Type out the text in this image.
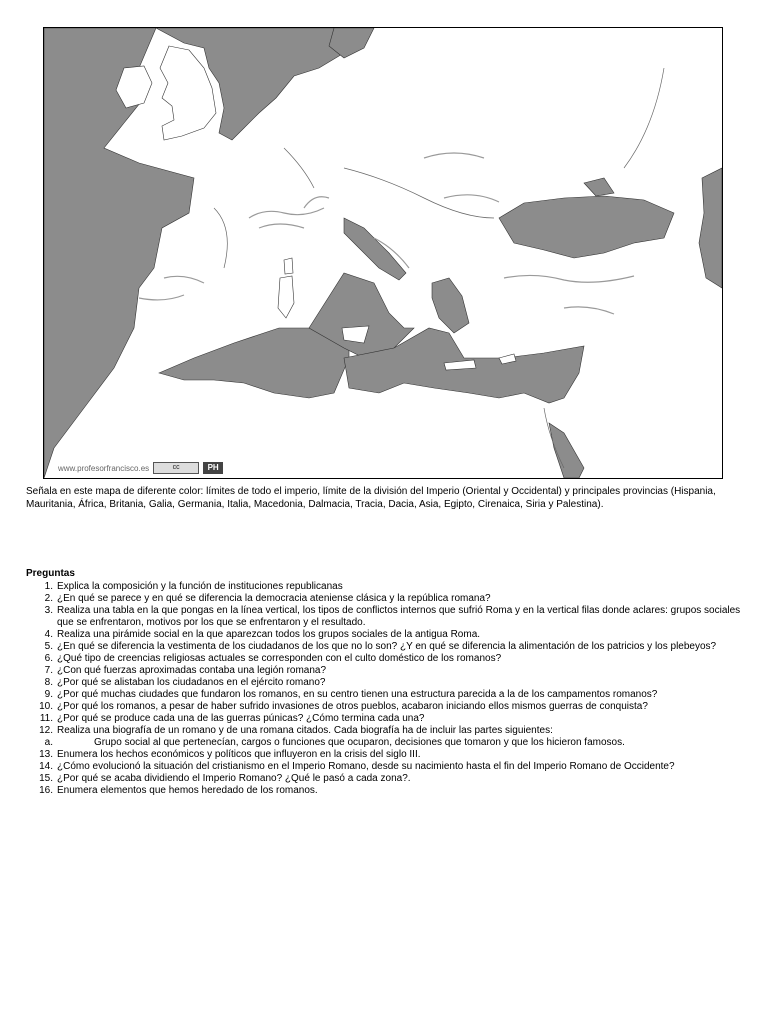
www.profesorfrancisco.es	cc	PH
Señala en este mapa de diferente color: límites de todo el imperio, límite de la división del Imperio (Oriental y Occidental) y principales provincias (Hispania, Mauritania, África, Britania, Galia, Germania, Italia, Macedonia, Dalmacia, Tracia, Dacia, Asia, Egipto, Cirenaica, Siria y Palestina).
Preguntas
1. Explica la composición y la función de instituciones republicanas
2. ¿En qué se parece y en qué se diferencia la democracia ateniense clásica y la república romana?
3. Realiza una tabla en la que pongas en la línea vertical, los tipos de conflictos internos que sufrió Roma y en la vertical filas donde aclares: grupos sociales que se enfrentaron, motivos por los que se enfrentaron y el resultado.
4. Realiza una pirámide social en la que aparezcan todos los grupos sociales de la antigua Roma.
5. ¿En qué se diferencia la vestimenta de los ciudadanos de los que no lo son? ¿Y en qué se diferencia la alimentación de los patricios y los plebeyos?
6. ¿Qué tipo de creencias religiosas actuales se corresponden con el culto doméstico de los romanos?
7. ¿Con qué fuerzas aproximadas contaba una legión romana?
8. ¿Por qué se alistaban los ciudadanos en el ejército romano?
9. ¿Por qué muchas ciudades que fundaron los romanos, en su centro tienen una estructura parecida a la de los campamentos romanos?
10. ¿Por qué los romanos, a pesar de haber sufrido invasiones de otros pueblos, acabaron iniciando ellos mismos guerras de conquista?
11. ¿Por qué se produce cada una de las guerras púnicas? ¿Cómo termina cada una?
12. Realiza una biografía de un romano y de una romana citados. Cada biografía ha de incluir las partes siguientes:
a.	Grupo social al que pertenecían, cargos o funciones que ocuparon, decisiones que tomaron y que los hicieron famosos.
13. Enumera los hechos económicos y políticos que influyeron en la crisis del siglo III.
14. ¿Cómo evolucionó la situación del cristianismo en el Imperio Romano, desde su nacimiento hasta el fin del Imperio Romano de Occidente?
15. ¿Por qué se acaba dividiendo el Imperio Romano? ¿Qué le pasó a cada zona?.
16. Enumera elementos que hemos heredado de los romanos.
